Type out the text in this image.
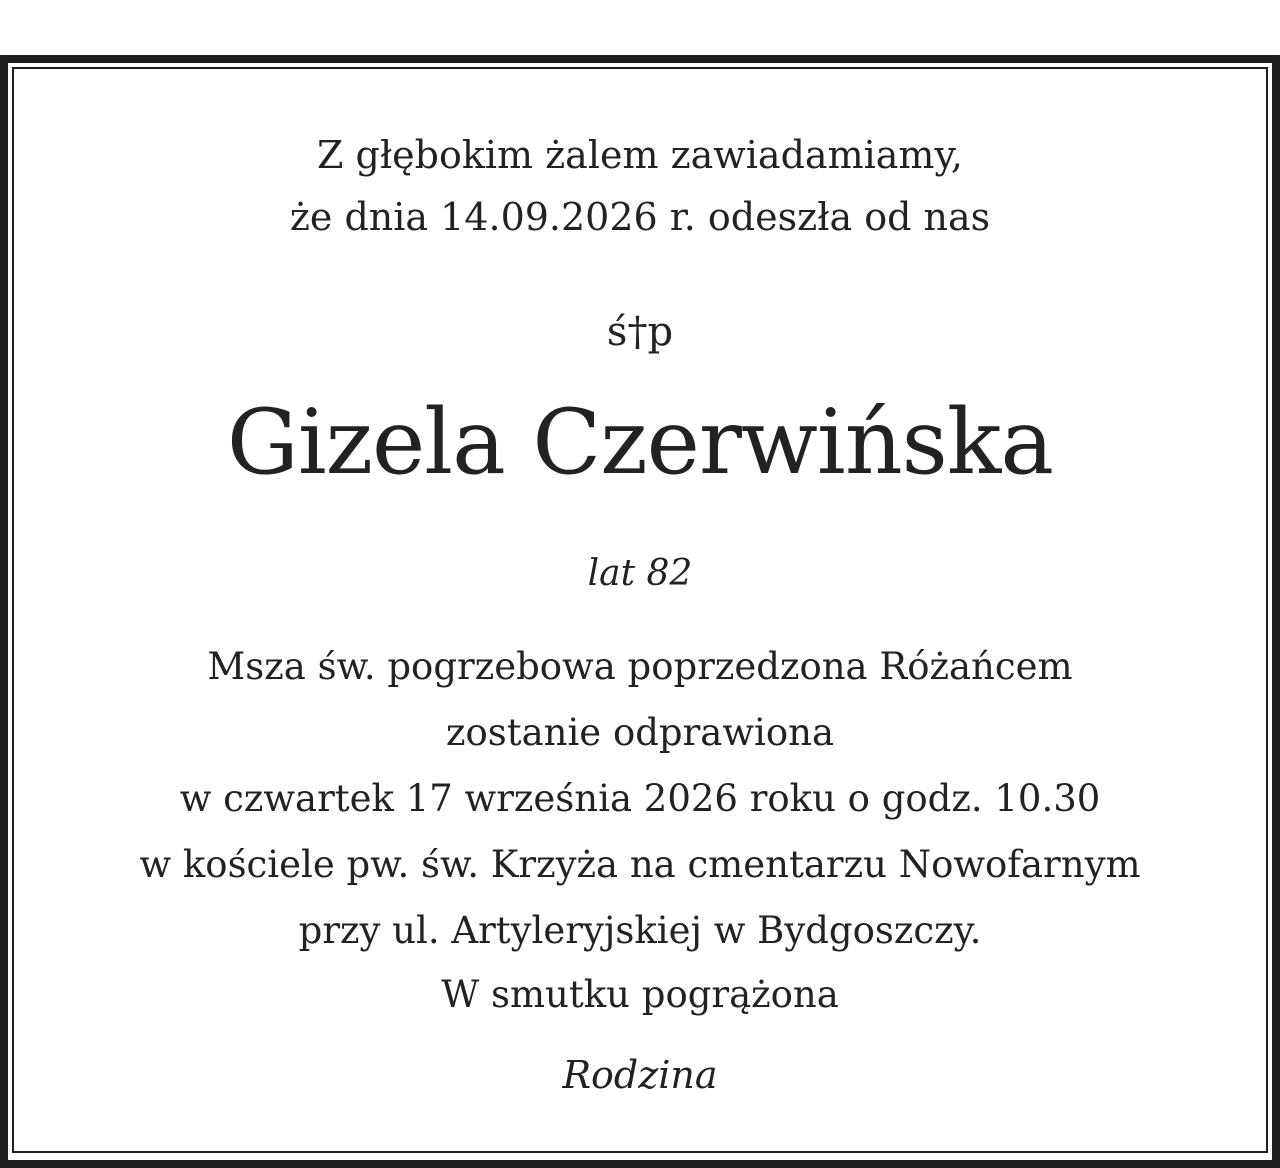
Z głębokim żalem zawiadamiamy,
że dnia 14.09.2026 r. odeszła od nas
ś†p
Gizela Czerwińska
lat 82
Msza św. pogrzebowa poprzedzona Różańcem
zostanie odprawiona
w czwartek 17 września 2026 roku o godz. 10.30
w kościele pw. św. Krzyża na cmentarzu Nowofarnym
przy ul. Artyleryjskiej w Bydgoszczy.
W smutku pogrążona
Rodzina
